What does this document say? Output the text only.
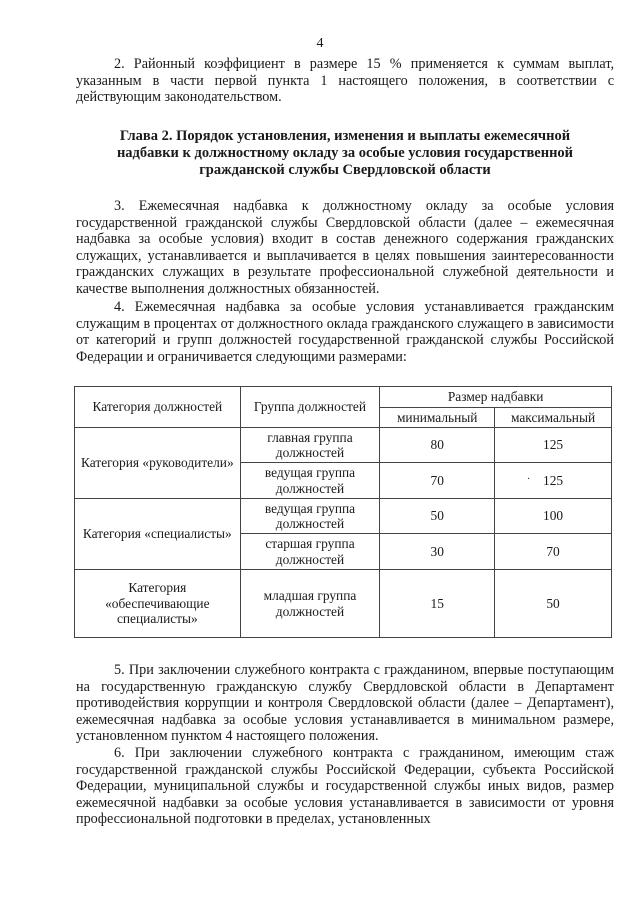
4

2. Районный коэффициент в размере 15 % применяется к суммам выплат, указанным в части первой пункта 1 настоящего положения, в соответствии с действующим законодательством.

Глава 2. Порядок установления, изменения и выплаты ежемесячной надбавки к должностному окладу за особые условия государственной гражданской службы Свердловской области

3. Ежемесячная надбавка к должностному окладу за особые условия государственной гражданской службы Свердловской области (далее – ежемесячная надбавка за особые условия) входит в состав денежного содержания гражданских служащих, устанавливается и выплачивается в целях повышения заинтересованности гражданских служащих в результате профессиональной служебной деятельности и качестве выполнения должностных обязанностей.

4. Ежемесячная надбавка за особые условия устанавливается гражданским служащим в процентах от должностного оклада гражданского служащего в зависимости от категорий и групп должностей государственной гражданской службы Российской Федерации и ограничивается следующими размерами:

Категория должностей	Группа должностей	Размер надбавки	
		минимальный	максимальный
Категория «руководители»	главная группа должностей	80	125
	ведущая группа должностей	70	125
Категория «специалисты»	ведущая группа должностей	50	100
	старшая группа должностей	30	70
Категория «обеспечивающие специалисты»	младшая группа должностей	15	50
·

5. При заключении служебного контракта с гражданином, впервые поступающим на государственную гражданскую службу Свердловской области в Департамент противодействия коррупции и контроля Свердловской области (далее – Департамент), ежемесячная надбавка за особые условия устанавливается в минимальном размере, установленном пунктом 4 настоящего положения.

6. При заключении служебного контракта с гражданином, имеющим стаж государственной гражданской службы Российской Федерации, субъекта Российской Федерации, муниципальной службы и государственной службы иных видов, размер ежемесячной надбавки за особые условия устанавливается в зависимости от уровня профессиональной подготовки в пределах, установленных
